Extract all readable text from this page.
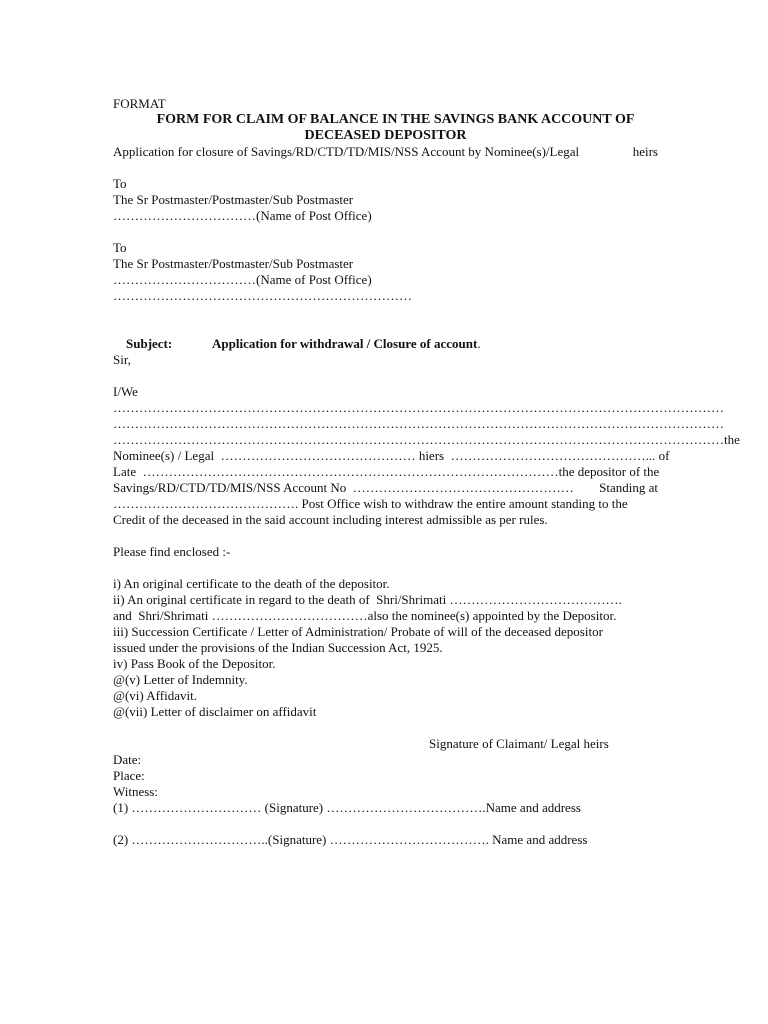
FORMAT
FORM FOR CLAIM OF BALANCE IN THE SAVINGS BANK ACCOUNT OF
DECEASED DEPOSITOR
Application for closure of Savings/RD/CTD/TD/MIS/NSS Account by Nominee(s)/Legal	heirs
To
The Sr Postmaster/Postmaster/Sub Postmaster
……………………………(Name of Post Office)
To
The Sr Postmaster/Postmaster/Sub Postmaster
……………………………(Name of Post Office)
……………………………………………………………

Subject:	Application for withdrawal / Closure of account.

Sir,
I/We
……………………………………………………………………………………………………………………………
……………………………………………………………………………………………………………………………
……………………………………………………………………………………………………………………………the
Nominee(s) / Legal  ……………………………………… hiers  ………………………………………... of
Late  …………………………………………………………………………………… the depositor of the
Savings/RD/CTD/TD/MIS/NSS Account No  …………………………………………… Standing at
……………………………………. Post Office wish to withdraw the entire amount standing to the
Credit of the deceased in the said account including interest admissible as per rules.
Please find enclosed :-
i) An original certificate to the death of the depositor.
ii) An original certificate in regard to the death of  Shri/Shrimati ………………………………….
and  Shri/Shrimati ………………………………also the nominee(s) appointed by the Depositor.
iii) Succession Certificate / Letter of Administration/ Probate of will of the deceased depositor
issued under the provisions of the Indian Succession Act, 1925.
iv) Pass Book of the Depositor.
@(v) Letter of Indemnity.
@(vi) Affidavit.
@(vii) Letter of disclaimer on affidavit
Signature of Claimant/ Legal heirs
Date:
Place:
Witness:
(1) ………………………… (Signature) ……………………………….Name and address
(2) …………………………..(Signature) ………………………………. Name and address
